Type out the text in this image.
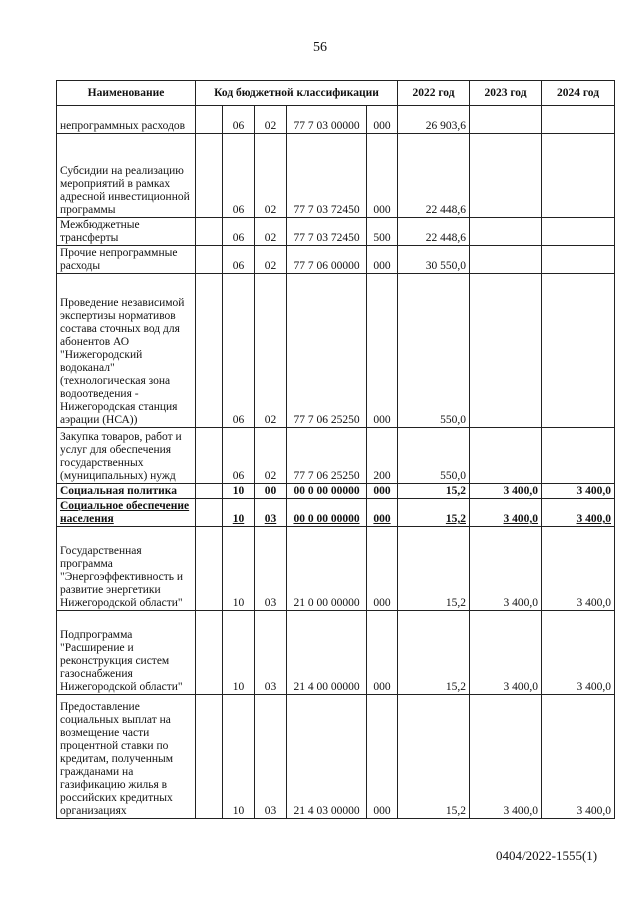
56
Наименование	Код бюджетной классификации					2022 год	2023 год	2024 год
непрограммных расходов		06	02	77 7 03 00000	000	26 903,6		
Субсидии на реализацию мероприятий в рамках адресной инвестиционной программы		06	02	77 7 03 72450	000	22 448,6		
Межбюджетные трансферты		06	02	77 7 03 72450	500	22 448,6		
Прочие непрограммные расходы		06	02	77 7 06 00000	000	30 550,0		
Проведение независимой экспертизы нормативов состава сточных вод для абонентов АО "Нижегородский водоканал" (технологическая зона водоотведения - Нижегородская станция аэрации (НСА))		06	02	77 7 06 25250	000	550,0		
Закупка товаров, работ и услуг для обеспечения государственных (муниципальных) нужд		06	02	77 7 06 25250	200	550,0		
Социальная политика		10	00	00 0 00 00000	000	15,2	3 400,0	3 400,0
Социальное обеспечение населения		10	03	00 0 00 00000	000	15,2	3 400,0	3 400,0
Государственная программа "Энергоэффективность и развитие энергетики Нижегородской области"		10	03	21 0 00 00000	000	15,2	3 400,0	3 400,0
Подпрограмма "Расширение и реконструкция систем газоснабжения Нижегородской области"		10	03	21 4 00 00000	000	15,2	3 400,0	3 400,0
Предоставление социальных выплат на возмещение части процентной ставки по кредитам, полученным гражданами на газификацию жилья в российских кредитных организациях		10	03	21 4 03 00000	000	15,2	3 400,0	3 400,0
0404/2022-1555(1)
